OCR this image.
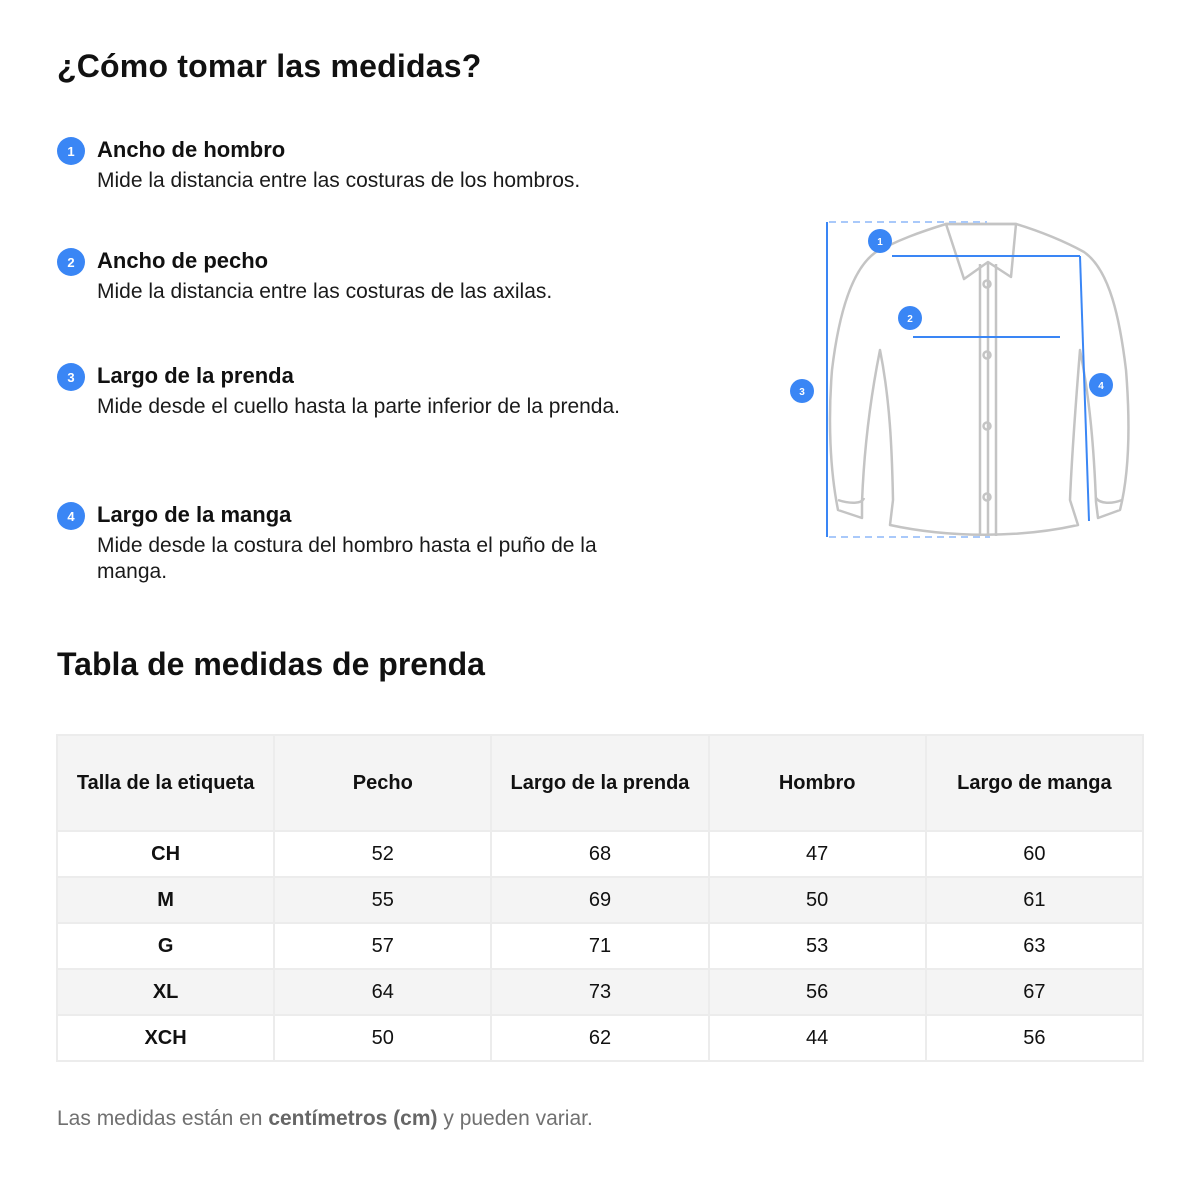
¿Cómo tomar las medidas?
1	Ancho de hombro
Mide la distancia entre las costuras de los hombros.
2	Ancho de pecho
Mide la distancia entre las costuras de las axilas.
3	Largo de la prenda
Mide desde el cuello hasta la parte inferior de la prenda.
4	Largo de la manga
Mide desde la costura del hombro hasta el puño de la manga.
1
2
3
4
Tabla de medidas de prenda
Talla de la etiqueta	Pecho	Largo de la prenda	Hombro	Largo de manga
CH	52	68	47	60
M	55	69	50	61
G	57	71	53	63
XL	64	73	56	67
XCH	50	62	44	56
Las medidas están en centímetros (cm) y pueden variar.
